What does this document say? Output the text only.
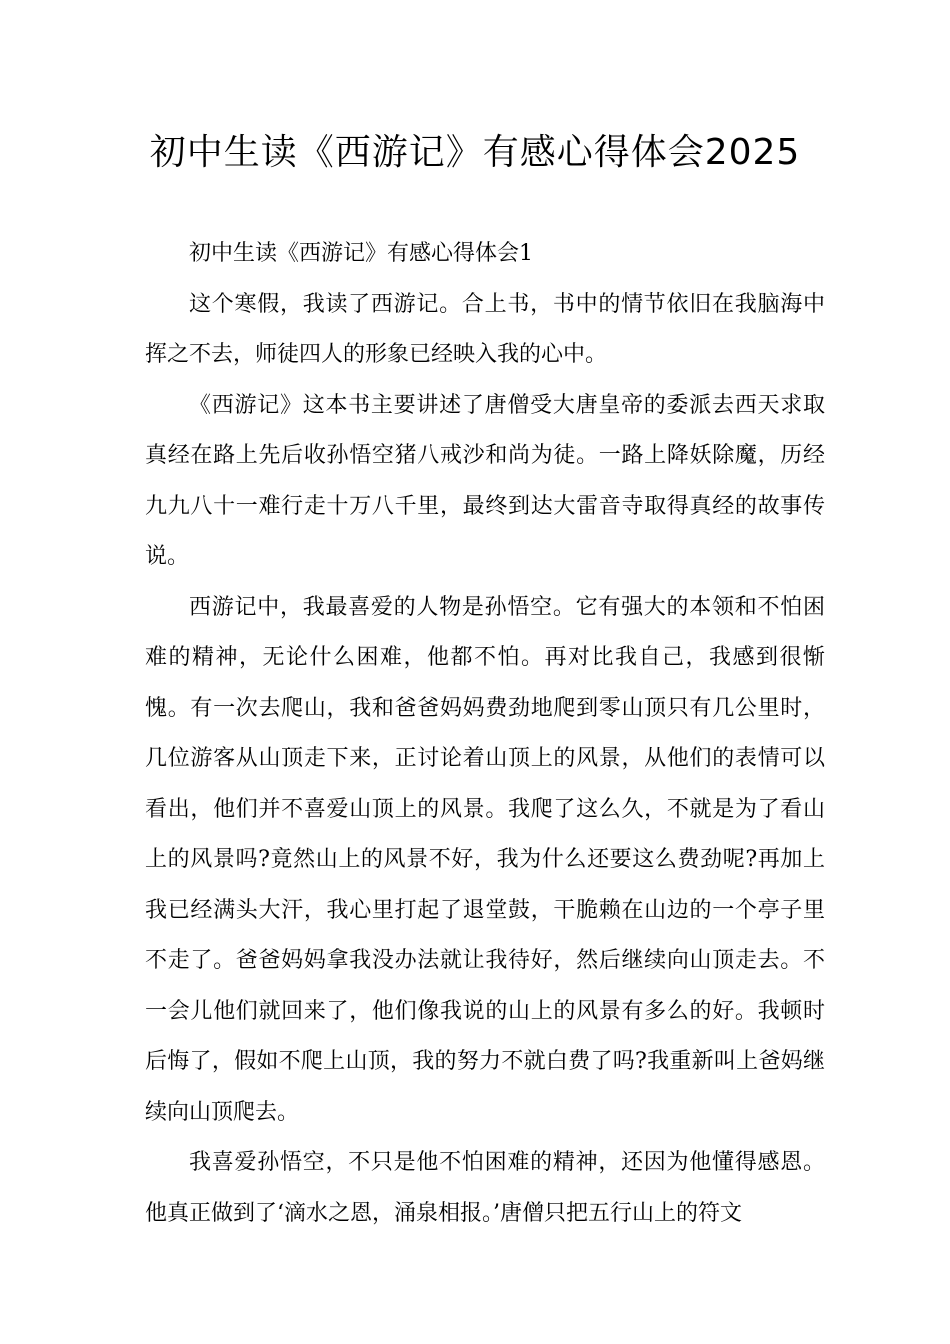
初中生读《西游记》有感心得体会2025

初中生读《西游记》有感心得体会1

这个寒假，我读了西游记。合上书，书中的情节依旧在我脑海中挥之不去，师徒四人的形象已经映入我的心中。

《西游记》这本书主要讲述了唐僧受大唐皇帝的委派去西天求取真经在路上先后收孙悟空猪八戒沙和尚为徒。一路上降妖除魔，历经九九八十一难行走十万八千里，最终到达大雷音寺取得真经的故事传说。

西游记中，我最喜爱的人物是孙悟空。它有强大的本领和不怕困难的精神，无论什么困难，他都不怕。再对比我自己，我感到很惭愧。有一次去爬山，我和爸爸妈妈费劲地爬到零山顶只有几公里时，几位游客从山顶走下来，正讨论着山顶上的风景，从他们的表情可以看出，他们并不喜爱山顶上的风景。我爬了这么久，不就是为了看山上的风景吗?竟然山上的风景不好，我为什么还要这么费劲呢?再加上我已经满头大汗，我心里打起了退堂鼓，干脆赖在山边的一个亭子里不走了。爸爸妈妈拿我没办法就让我待好，然后继续向山顶走去。不一会儿他们就回来了，他们像我说的山上的风景有多么的好。我顿时后悔了，假如不爬上山顶，我的努力不就白费了吗?我重新叫上爸妈继续向山顶爬去。

我喜爱孙悟空，不只是他不怕困难的精神，还因为他懂得感恩。他真正做到了‘滴水之恩，涌泉相报。’唐僧只把五行山上的符文
